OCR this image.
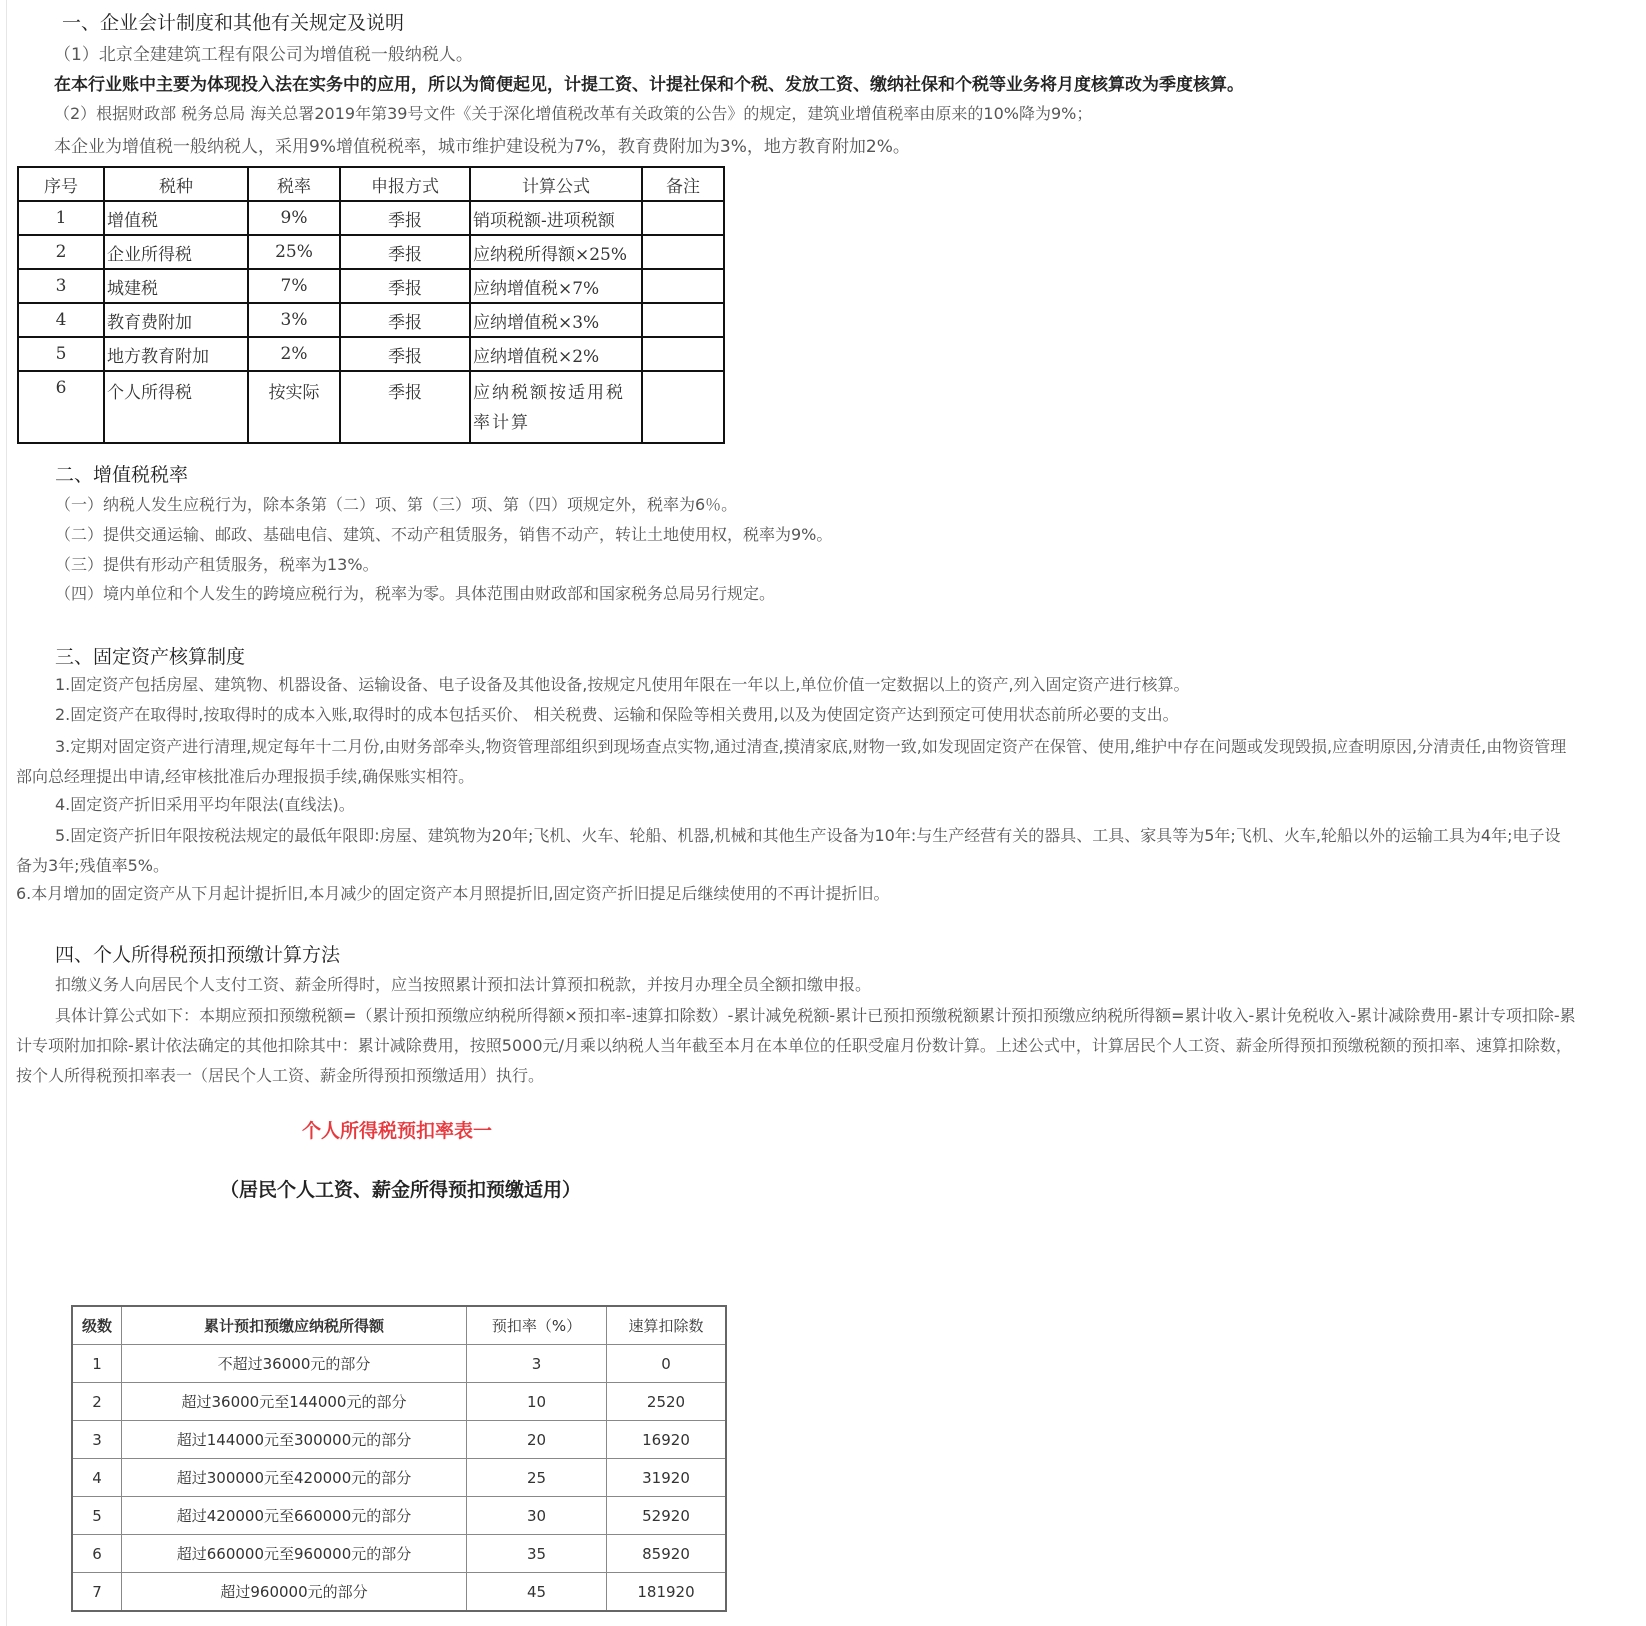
一、企业会计制度和其他有关规定及说明
（1）北京全建建筑工程有限公司为增值税一般纳税人。
在本行业账中主要为体现投入法在实务中的应用，所以为简便起见，计提工资、计提社保和个税、发放工资、缴纳社保和个税等业务将月度核算改为季度核算。
（2）根据财政部 税务总局 海关总署2019年第39号文件《关于深化增值税改革有关政策的公告》的规定，建筑业增值税率由原来的10%降为9%；
本企业为增值税一般纳税人，采用9%增值税税率，城市维护建设税为7%，教育费附加为3%，地方教育附加2%。
序号	税种	税率	申报方式	计算公式	备注
1	增值税	9%	季报	销项税额-进项税额	
2	企业所得税	25%	季报	应纳税所得额×25%	
3	城建税	7%	季报	应纳增值税×7%	
4	教育费附加	3%	季报	应纳增值税×3%	
5	地方教育附加	2%	季报	应纳增值税×2%	
6	个人所得税	按实际	季报	应纳税额按适用税率计算	
二、增值税税率
（一）纳税人发生应税行为，除本条第（二）项、第（三）项、第（四）项规定外，税率为6％。
（二）提供交通运输、邮政、基础电信、建筑、不动产租赁服务，销售不动产，转让土地使用权，税率为9%。
（三）提供有形动产租赁服务，税率为13%。
（四）境内单位和个人发生的跨境应税行为，税率为零。具体范围由财政部和国家税务总局另行规定。
三、固定资产核算制度
1.固定资产包括房屋、建筑物、机器设备、运输设备、电子设备及其他设备,按规定凡使用年限在一年以上,单位价值一定数据以上的资产,列入固定资产进行核算。
2.固定资产在取得时,按取得时的成本入账,取得时的成本包括买价、 相关税费、运输和保险等相关费用,以及为使固定资产达到预定可使用状态前所必要的支出。
3.定期对固定资产进行清理,规定每年十二月份,由财务部牵头,物资管理部组织到现场查点实物,通过清查,摸清家底,财物一致,如发现固定资产在保管、使用,维护中存在问题或发现毁损,应查明原因,分清责任,由物资管理部向总经理提出申请,经审核批准后办理报损手续,确保账实相符。
4.固定资产折旧采用平均年限法(直线法)。
5.固定资产折旧年限按税法规定的最低年限即:房屋、建筑物为20年;飞机、火车、轮船、机器,机械和其他生产设备为10年:与生产经营有关的器具、工具、家具等为5年;飞机、火车,轮船以外的运输工具为4年;电子设备为3年;残值率5%。
6.本月增加的固定资产从下月起计提折旧,本月减少的固定资产本月照提折旧,固定资产折旧提足后继续使用的不再计提折旧。
四、个人所得税预扣预缴计算方法
扣缴义务人向居民个人支付工资、薪金所得时，应当按照累计预扣法计算预扣税款，并按月办理全员全额扣缴申报。
具体计算公式如下：本期应预扣预缴税额=（累计预扣预缴应纳税所得额×预扣率-速算扣除数）-累计减免税额-累计已预扣预缴税额累计预扣预缴应纳税所得额=累计收入-累计免税收入-累计减除费用-累计专项扣除-累计专项附加扣除-累计依法确定的其他扣除其中：累计减除费用，按照5000元/月乘以纳税人当年截至本月在本单位的任职受雇月份数计算。上述公式中，计算居民个人工资、薪金所得预扣预缴税额的预扣率、速算扣除数，按个人所得税预扣率表一（居民个人工资、薪金所得预扣预缴适用）执行。
个人所得税预扣率表一
（居民个人工资、薪金所得预扣预缴适用）
级数	累计预扣预缴应纳税所得额	预扣率（%）	速算扣除数
1	不超过36000元的部分	3	0
2	超过36000元至144000元的部分	10	2520
3	超过144000元至300000元的部分	20	16920
4	超过300000元至420000元的部分	25	31920
5	超过420000元至660000元的部分	30	52920
6	超过660000元至960000元的部分	35	85920
7	超过960000元的部分	45	181920
